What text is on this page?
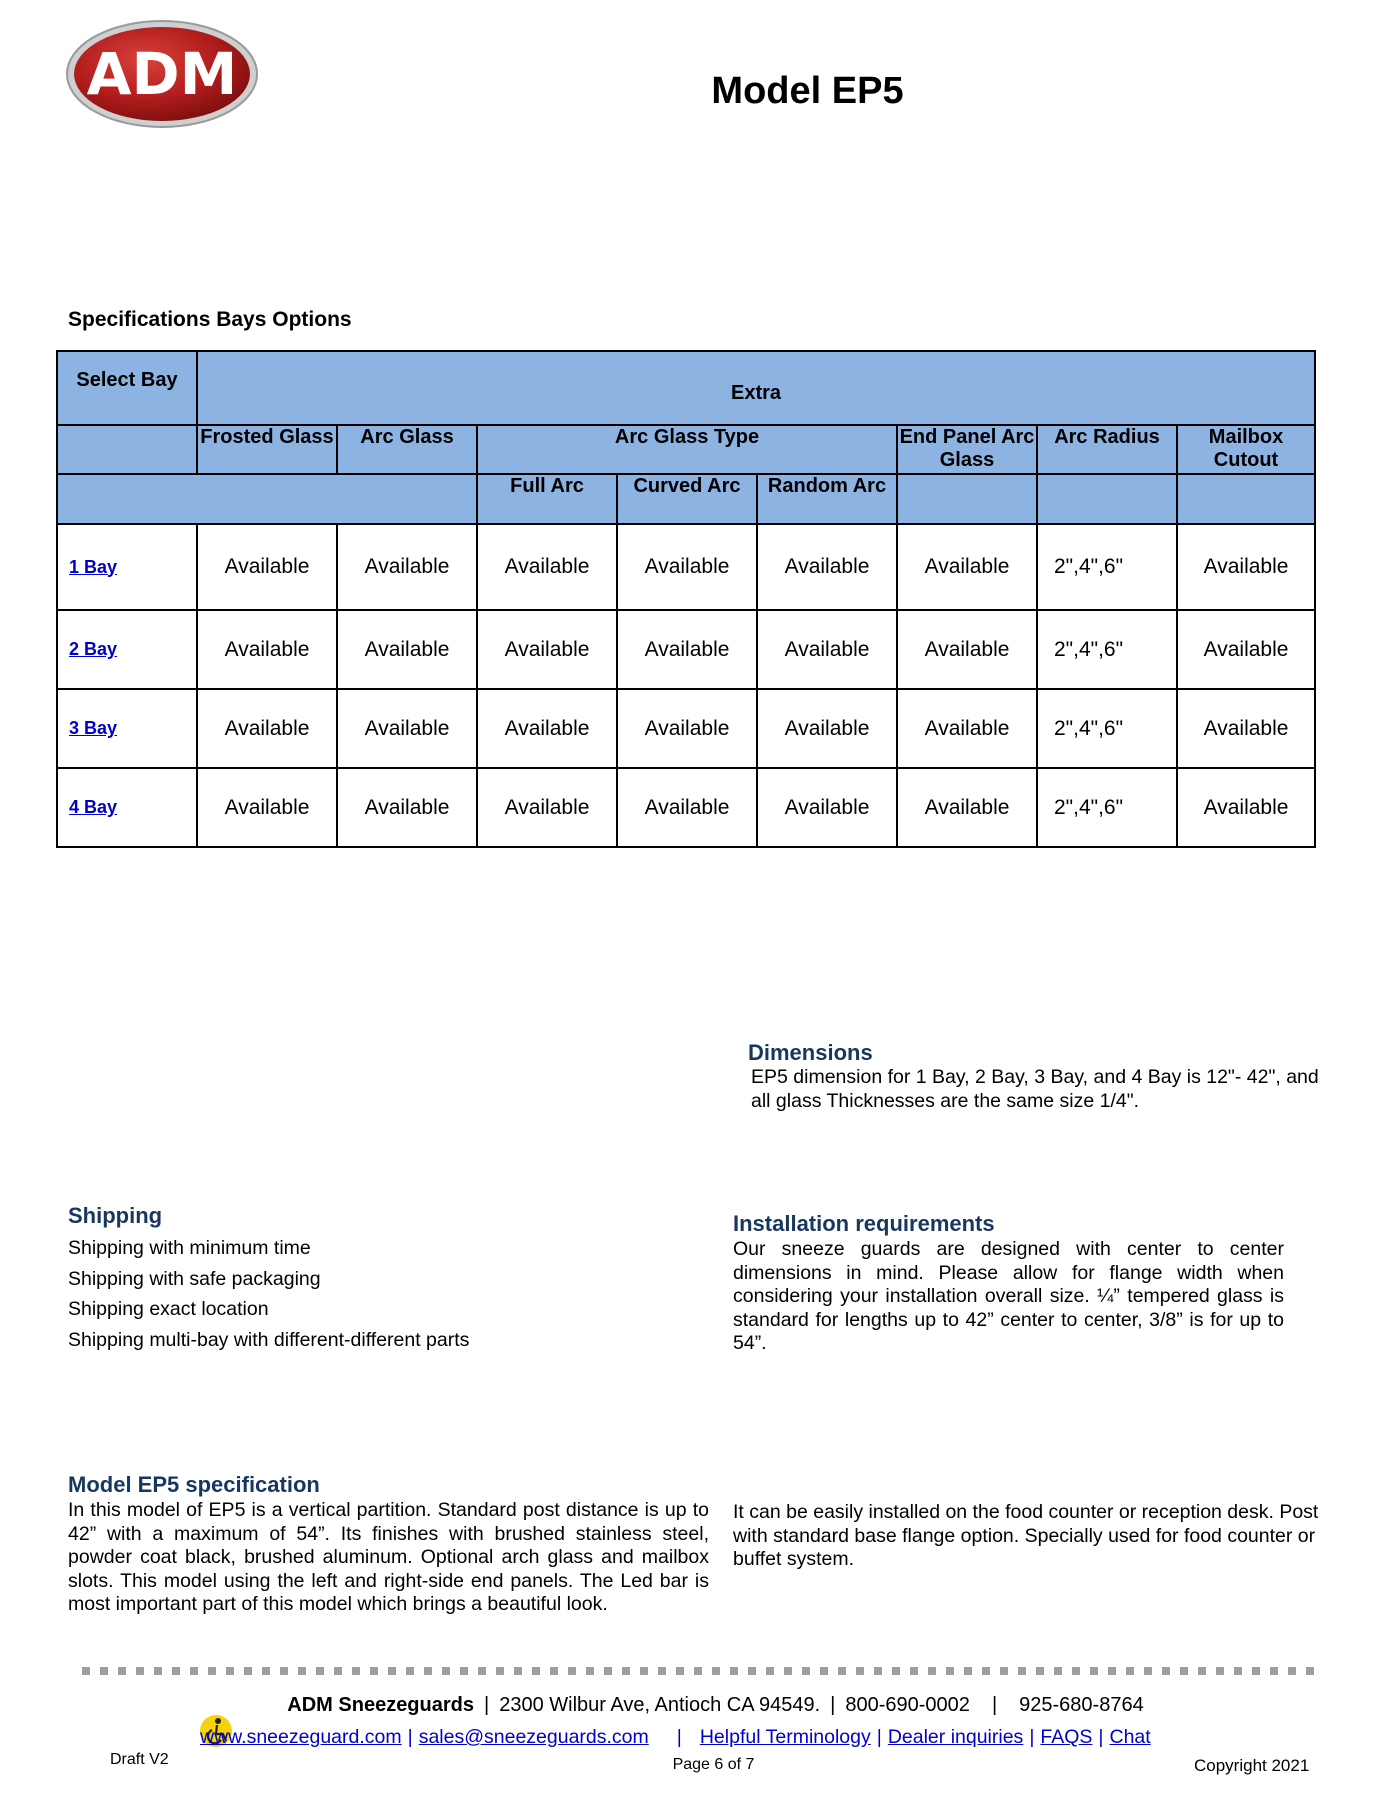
ADM	Model EP5
Specifications Bays Options
Select Bay	Extra							
	Frosted Glass	Arc Glass	Arc Glass Type			End Panel Arc Glass	Arc Radius	Mailbox Cutout
			Full Arc	Curved Arc	Random Arc			
1 Bay	Available	Available	Available	Available	Available	Available	2",4",6"	Available
2 Bay	Available	Available	Available	Available	Available	Available	2",4",6"	Available
3 Bay	Available	Available	Available	Available	Available	Available	2",4",6"	Available
4 Bay	Available	Available	Available	Available	Available	Available	2",4",6"	Available
Dimensions
EP5 dimension for 1 Bay, 2 Bay, 3 Bay, and 4 Bay is 12"- 42", and all glass Thicknesses are the same size 1/4".
Shipping
Shipping with minimum time
Shipping with safe packaging
Shipping exact location
Shipping multi-bay with different-different parts
Installation requirements
Our sneeze guards are designed with center to center dimensions in mind. Please allow for flange width when considering your installation overall size. ¼” tempered glass is standard for lengths up to 42” center to center, 3/8” is for up to 54”.
Model EP5 specification
In this model of EP5 is a vertical partition. Standard post distance is up to 42” with a maximum of 54”. Its finishes with brushed stainless steel, powder coat black, brushed aluminum. Optional arch glass and mailbox slots. This model using the left and right-side end panels. The Led bar is most important part of this model which brings a beautiful look.
It can be easily installed on the food counter or reception desk. Post with standard base flange option. Specially used for food counter or buffet system.
ADM Sneezeguards | 2300 Wilbur Ave, Antioch CA 94549. | 800-690-0002 | 925-680-8764
www.sneezeguard.com | sales@sneezeguards.com | Helpful Terminology | Dealer inquiries | FAQS | Chat
Draft V2	Page 6 of 7	Copyright 2021
